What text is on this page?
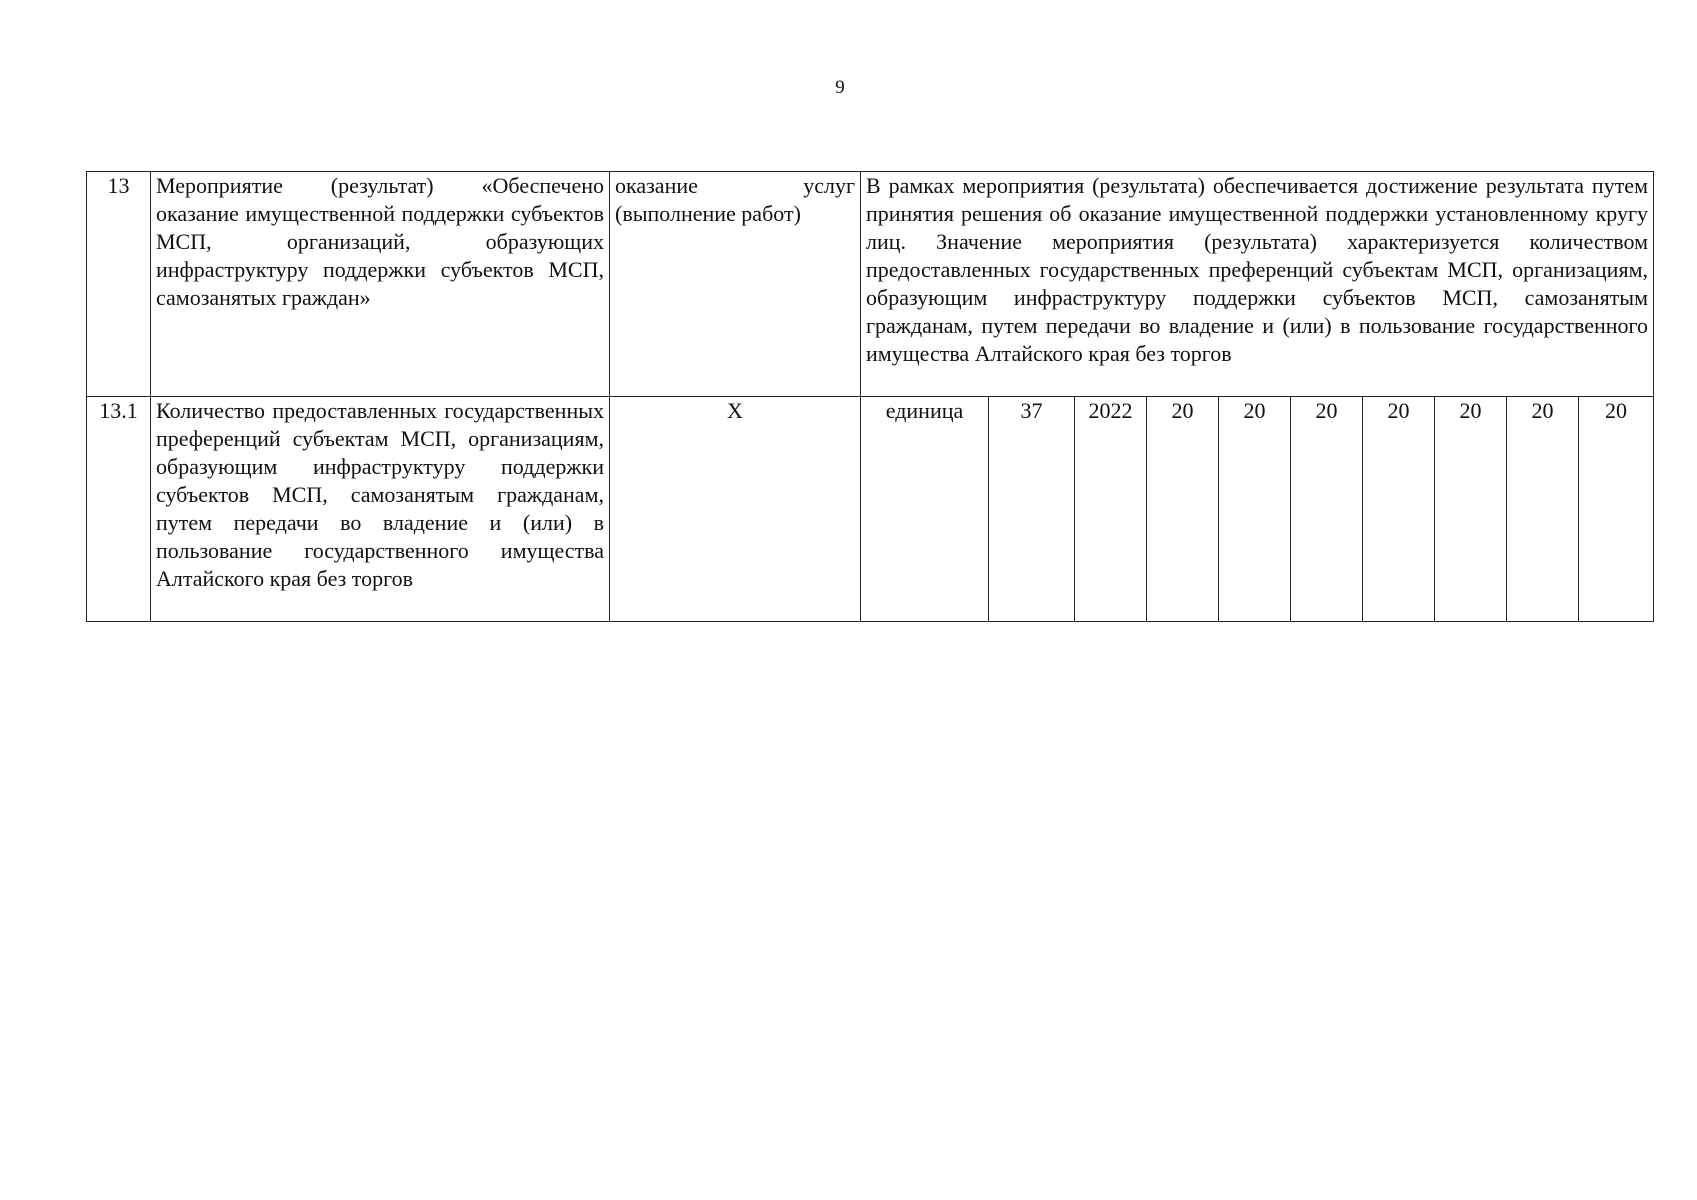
9
13	Мероприятие (результат) «Обеспечено оказание имущественной поддержки субъектов МСП, организаций, образующих инфраструктуру поддержки субъектов МСП, самозанятых граждан»	оказание услуг (выполнение работ)	В рамках мероприятия (результата) обеспечивается достижение результата путем принятия решения об оказание имущественной поддержки установленному кругу лиц. Значение мероприятия (результата) характеризуется количеством предоставленных государственных преференций субъектам МСП, организациям, образующим инфраструктуру поддержки субъектов МСП, самозанятым гражданам, путем передачи во владение и (или) в пользование государственного имущества Алтайского края без торгов									
13.1	Количество предоставленных государственных преференций субъектам МСП, организациям, образующим инфраструктуру поддержки субъектов МСП, самозанятым гражданам, путем передачи во владение и (или) в пользование государственного имущества Алтайского края без торгов	Х	единица	37	2022	20	20	20	20	20	20	20
